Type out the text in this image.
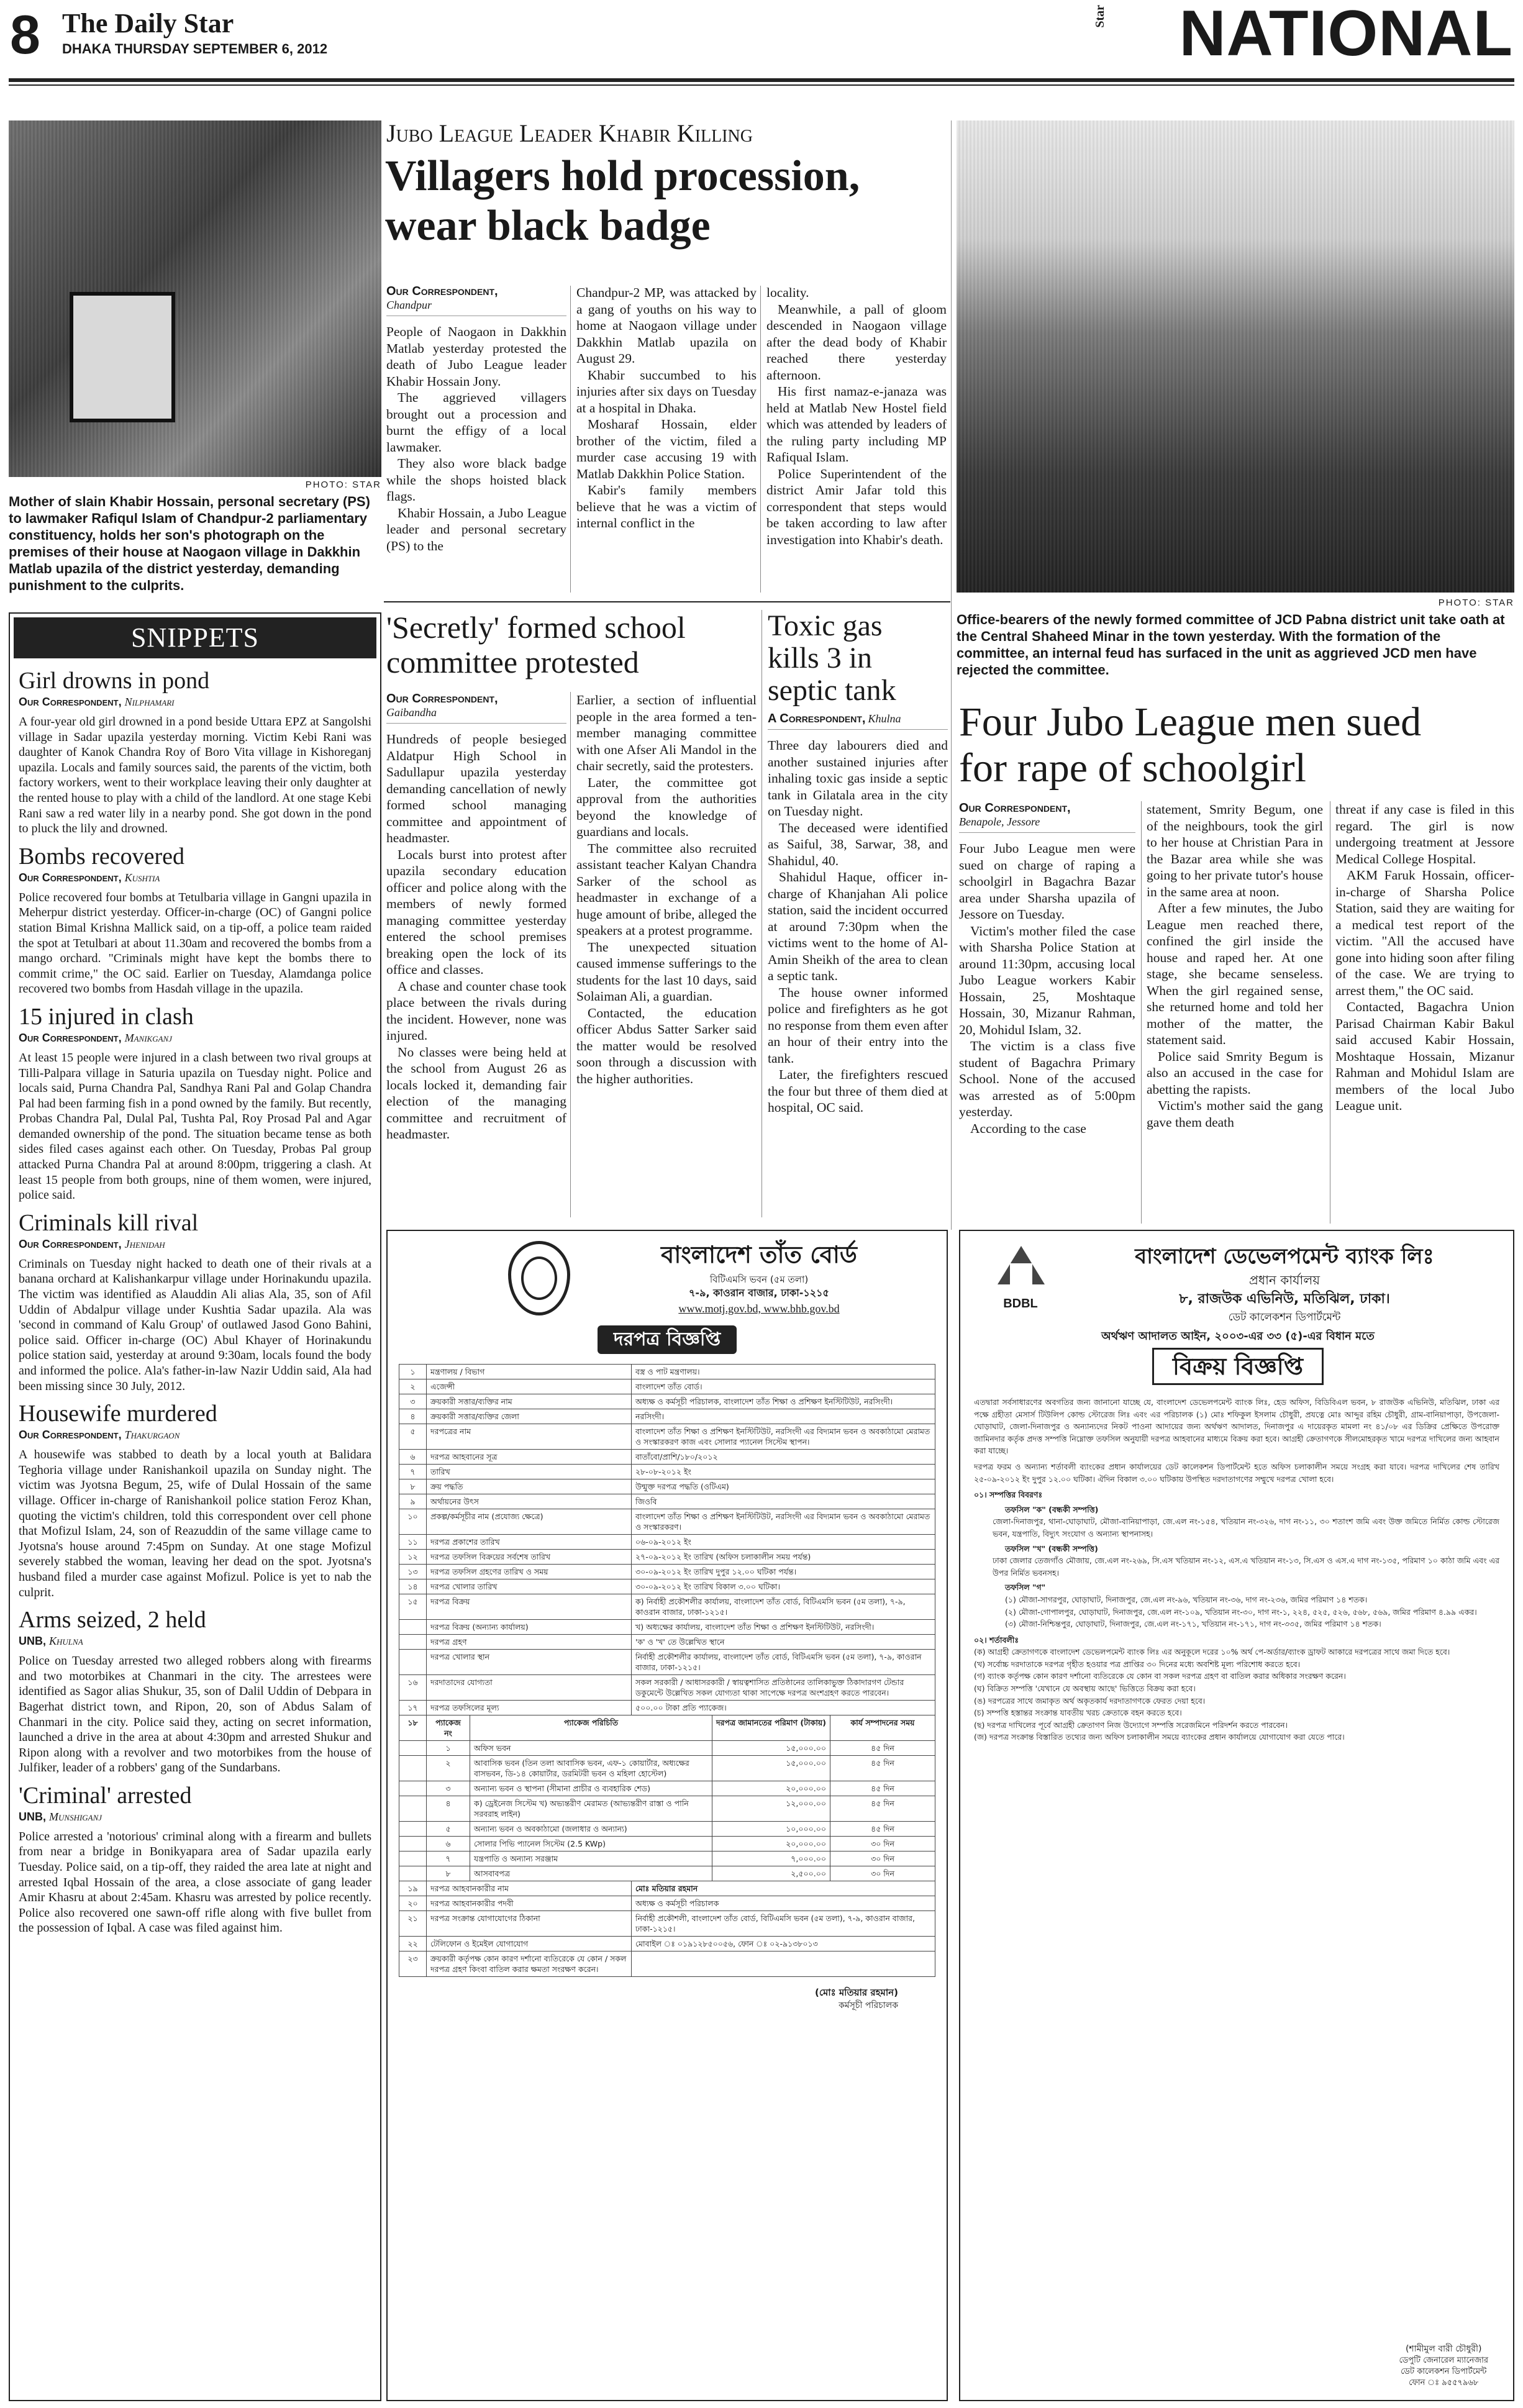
8 The Daily Star
DHAKA THURSDAY SEPTEMBER 6, 2012
Star NATIONAL
PHOTO: STAR
Mother of slain Khabir Hossain, personal secretary (PS) to lawmaker Rafiqul Islam of Chandpur-2 parliamentary constituency, holds her son's photograph on the premises of their house at Naogaon village in Dakkhin Matlab upazila of the district yesterday, demanding punishment to the culprits.
Jubo League Leader Khabir Killing
Villagers hold procession,
wear black badge
Our Correspondent,
Chandpur

People of Naogaon in Dakkhin Matlab yesterday protested the death of Jubo League leader Khabir Hossain Jony.

The aggrieved villagers brought out a procession and burnt the effigy of a local lawmaker.

They also wore black badge while the shops hoisted black flags.

Khabir Hossain, a Jubo League leader and personal secretary (PS) to the

Chandpur-2 MP, was attacked by a gang of youths on his way to home at Naogaon village under Dakkhin Matlab upazila on August 29.

Khabir succumbed to his injuries after six days on Tuesday at a hospital in Dhaka.

Mosharaf Hossain, elder brother of the victim, filed a murder case accusing 19 with Matlab Dakkhin Police Station.

Kabir's family members believe that he was a victim of internal conflict in the

locality.

Meanwhile, a pall of gloom descended in Naogaon village after the dead body of Khabir reached there yesterday afternoon.

His first namaz-e-janaza was held at Matlab New Hostel field which was attended by leaders of the ruling party including MP Rafiqual Islam.

Police Superintendent of the district Amir Jafar told this correspondent that steps would be taken according to law after investigation into Khabir's death.

PHOTO: STAR
Office-bearers of the newly formed committee of JCD Pabna district unit take oath at the Central Shaheed Minar in the town yesterday. With the formation of the committee, an internal feud has surfaced in the unit as aggrieved JCD men have rejected the committee.
SNIPPETS
Girl drowns in pond
Our Correspondent, Nilphamari
A four-year old girl drowned in a pond beside Uttara EPZ at Sangolshi village in Sadar upazila yesterday morning. Victim Kebi Rani was daughter of Kanok Chandra Roy of Boro Vita village in Kishoreganj upazila. Locals and family sources said, the parents of the victim, both factory workers, went to their workplace leaving their only daughter at the rented house to play with a child of the landlord. At one stage Kebi Rani saw a red water lily in a nearby pond. She got down in the pond to pluck the lily and drowned.
Bombs recovered
Our Correspondent, Kushtia
Police recovered four bombs at Tetulbaria village in Gangni upazila in Meherpur district yesterday. Officer-in-charge (OC) of Gangni police station Bimal Krishna Mallick said, on a tip-off, a police team raided the spot at Tetulbari at about 11.30am and recovered the bombs from a mango orchard. "Criminals might have kept the bombs there to commit crime," the OC said. Earlier on Tuesday, Alamdanga police recovered two bombs from Hasdah village in the upazila.
15 injured in clash
Our Correspondent, Manikganj
At least 15 people were injured in a clash between two rival groups at Tilli-Palpara village in Saturia upazila on Tuesday night. Police and locals said, Purna Chandra Pal, Sandhya Rani Pal and Golap Chandra Pal had been farming fish in a pond owned by the family. But recently, Probas Chandra Pal, Dulal Pal, Tushta Pal, Roy Prosad Pal and Agar demanded ownership of the pond. The situation became tense as both sides filed cases against each other. On Tuesday, Probas Pal group attacked Purna Chandra Pal at around 8:00pm, triggering a clash. At least 15 people from both groups, nine of them women, were injured, police said.
Criminals kill rival
Our Correspondent, Jhenidah
Criminals on Tuesday night hacked to death one of their rivals at a banana orchard at Kalishankarpur village under Horinakundu upazila. The victim was identified as Alauddin Ali alias Ala, 35, son of Afil Uddin of Abdalpur village under Kushtia Sadar upazila. Ala was 'second in command of Kalu Group' of outlawed Jasod Gono Bahini, police said. Officer in-charge (OC) Abul Khayer of Horinakundu police station said, yesterday at around 9:30am, locals found the body and informed the police. Ala's father-in-law Nazir Uddin said, Ala had been missing since 30 July, 2012.
Housewife murdered
Our Correspondent, Thakurgaon
A housewife was stabbed to death by a local youth at Balidara Teghoria village under Ranishankoil upazila on Sunday night. The victim was Jyotsna Begum, 25, wife of Dulal Hossain of the same village. Officer in-charge of Ranishankoil police station Feroz Khan, quoting the victim's children, told this correspondent over cell phone that Mofizul Islam, 24, son of Reazuddin of the same village came to Jyotsna's house around 7:45pm on Sunday. At one stage Mofizul severely stabbed the woman, leaving her dead on the spot. Jyotsna's husband filed a murder case against Mofizul. Police is yet to nab the culprit.
Arms seized, 2 held
UNB, Khulna
Police on Tuesday arrested two alleged robbers along with firearms and two motorbikes at Chanmari in the city. The arrestees were identified as Sagor alias Shukur, 35, son of Dalil Uddin of Debpara in Bagerhat district town, and Ripon, 20, son of Abdus Salam of Chanmari in the city. Police said they, acting on secret information, launched a drive in the area at about 4:30pm and arrested Shukur and Ripon along with a revolver and two motorbikes from the house of Julfiker, leader of a robbers' gang of the Sundarbans.
'Criminal' arrested
UNB, Munshiganj
Police arrested a 'notorious' criminal along with a firearm and bullets from near a bridge in Bonikyapara area of Sadar upazila early Tuesday. Police said, on a tip-off, they raided the area late at night and arrested Iqbal Hossain of the area, a close associate of gang leader Amir Khasru at about 2:45am. Khasru was arrested by police recently. Police also recovered one sawn-off rifle along with five bullet from the possession of Iqbal. A case was filed against him.
'Secretly' formed school
committee protested
Our Correspondent,
Gaibandha

Hundreds of people besieged Aldatpur High School in Sadullapur upazila yesterday demanding cancellation of newly formed school managing committee and appointment of headmaster.

Locals burst into protest after upazila secondary education officer and police along with the members of newly formed managing committee yesterday entered the school premises breaking open the lock of its office and classes.

A chase and counter chase took place between the rivals during the incident. However, none was injured.

No classes were being held at the school from August 26 as locals locked it, demanding fair election of the managing committee and recruitment of headmaster.

Earlier, a section of influential people in the area formed a ten-member managing committee with one Afser Ali Mandol in the chair secretly, said the protesters.

Later, the committee got approval from the authorities beyond the knowledge of guardians and locals.

The committee also recruited assistant teacher Kalyan Chandra Sarker of the school as headmaster in exchange of a huge amount of bribe, alleged the speakers at a protest programme.

The unexpected situation caused immense sufferings to the students for the last 10 days, said Solaiman Ali, a guardian.

Contacted, the education officer Abdus Satter Sarker said the matter would be resolved soon through a discussion with the higher authorities.

Toxic gas
kills 3 in
septic tank
A Correspondent, Khulna

Three day labourers died and another sustained injuries after inhaling toxic gas inside a septic tank in Gilatala area in the city on Tuesday night.

The deceased were identified as Saiful, 38, Sarwar, 38, and Shahidul, 40.

Shahidul Haque, officer in-charge of Khanjahan Ali police station, said the incident occurred at around 7:30pm when the victims went to the home of Al-Amin Sheikh of the area to clean a septic tank.

The house owner informed police and firefighters as he got no response from them even after an hour of their entry into the tank.

Later, the firefighters rescued the four but three of them died at hospital, OC said.

Four Jubo League men sued
for rape of schoolgirl
Our Correspondent,
Benapole, Jessore

Four Jubo League men were sued on charge of raping a schoolgirl in Bagachra Bazar area under Sharsha upazila of Jessore on Tuesday.

Victim's mother filed the case with Sharsha Police Station at around 11:30pm, accusing local Jubo League workers Kabir Hossain, 25, Moshtaque Hossain, 30, Mizanur Rahman, 20, Mohidul Islam, 32.

The victim is a class five student of Bagachra Primary School. None of the accused was arrested as of 5:00pm yesterday.

According to the case

statement, Smrity Begum, one of the neighbours, took the girl to her house at Christian Para in the Bazar area while she was going to her private tutor's house in the same area at noon.

After a few minutes, the Jubo League men reached there, confined the girl inside the house and raped her. At one stage, she became senseless. When the girl regained sense, she returned home and told her mother of the matter, the statement said.

Police said Smrity Begum is also an accused in the case for abetting the rapists.

Victim's mother said the gang gave them death

threat if any case is filed in this regard. The girl is now undergoing treatment at Jessore Medical College Hospital.

AKM Faruk Hossain, officer-in-charge of Sharsha Police Station, said they are waiting for a medical test report of the victim. "All the accused have gone into hiding soon after filing of the case. We are trying to arrest them," the OC said.

Contacted, Bagachra Union Parisad Chairman Kabir Bakul said accused Kabir Hossain, Moshtaque Hossain, Mizanur Rahman and Mohidul Islam are members of the local Jubo League unit.

বাংলাদেশ তাঁত বোর্ড
বিটিএমসি ভবন (৫ম তলা)
৭-৯, কাওরান বাজার, ঢাকা-১২১৫
www.motj.gov.bd, www.bhb.gov.bd
দরপত্র বিজ্ঞপ্তি
১	মন্ত্রণালয় / বিভাগ	বস্ত্র ও পাট মন্ত্রণালয়।
২	এজেন্সী	বাংলাদেশ তাঁত বোর্ড।
৩	ক্রয়কারী সত্তার/ব্যক্তির নাম	অধ্যক্ষ ও কর্মসূচী পরিচালক, বাংলাদেশ তাঁত শিক্ষা ও প্রশিক্ষণ ইনস্টিটিউট, নরসিংদী।
৪	ক্রয়কারী সত্তার/ব্যক্তির জেলা	নরসিংদী।
৫	দরপত্রের নাম	বাংলাদেশ তাঁত শিক্ষা ও প্রশিক্ষণ ইনস্টিটিউট, নরসিংদী এর বিদ্যমান ভবন ও অবকাঠামো মেরামত ও সংস্কারকরণ কাজ এবং সোলার প্যানেল সিস্টেম স্থাপন।
৬	দরপত্র আহবানের সূত্র	বাতাঁবো/প্রাশি/১৮০/২০১২
৭	তারিখ	২৮-০৮-২০১২ ইং
৮	ক্রয় পদ্ধতি	উন্মুক্ত দরপত্র পদ্ধতি (ওটিএম)
৯	অর্থায়নের উৎস	জিওবি
১০	প্রকল্প/কর্মসূচীর নাম (প্রযোজ্য ক্ষেত্রে)	বাংলাদেশ তাঁত শিক্ষা ও প্রশিক্ষণ ইনস্টিটিউট, নরসিংদী এর বিদ্যমান ভবন ও অবকাঠামো মেরামত ও সংস্কারকরণ।
১১	দরপত্র প্রকাশের তারিখ	০৬-০৯-২০১২ ইং
১২	দরপত্র তফসিল বিক্রয়ের সর্বশেষ তারিখ	২৭-০৯-২০১২ ইং তারিখ (অফিস চলাকালীন সময় পর্যন্ত)
১৩	দরপত্র তফসিল গ্রহণের তারিখ ও সময়	৩০-০৯-২০১২ ইং তারিখ দুপুর ১২.০০ ঘটিকা পর্যন্ত।
১৪	দরপত্র খোলার তারিখ	৩০-০৯-২০১২ ইং তারিখ বিকাল ৩.০০ ঘটিকা।
১৫	দরপত্র বিক্রয়	ক) নির্বাহী প্রকৌশলীর কার্যালয়, বাংলাদেশ তাঁত বোর্ড, বিটিএমসি ভবন (৫ম তলা), ৭-৯, কাওরান বাজার, ঢাকা-১২১৫।
	দরপত্র বিক্রয় (অন্যান্য কার্যালয়)	খ) অধ্যক্ষের কার্যালয়, বাংলাদেশ তাঁত শিক্ষা ও প্রশিক্ষণ ইনস্টিটিউট, নরসিংদী।
	দরপত্র গ্রহণ	'ক' ও 'খ' তে উল্লেখিত স্থানে
	দরপত্র খোলার স্থান	নির্বাহী প্রকৌশলীর কার্যালয়, বাংলাদেশ তাঁত বোর্ড, বিটিএমসি ভবন (৫ম তলা), ৭-৯, কাওরান বাজার, ঢাকা-১২১৫।
১৬	দরদাতাদের যোগ্যতা	সকল সরকারী / আধাসরকারী / স্বায়ত্বশাসিত প্রতিষ্ঠানের তালিকাভুক্ত ঠিকাদারগণ টেন্ডার ডকুমেন্টে উল্লেখিত সকল যোগ্যতা থাকা সাপেক্ষে দরপত্র অংশগ্রহণ করতে পারবেন।
১৭	দরপত্র তফসিলের মূল্য	৫০০.০০ টাকা প্রতি প্যাকেজ।
১৮	প্যাকেজ নং	প্যাকেজ পরিচিতি	দরপত্র জামানতের পরিমাণ (টাকায়)	কার্য সম্পাদনের সময়
	১	অফিস ভবন	১৫,০০০.০০	৪৫ দিন
	২	আবাসিক ভবন (তিন তলা আবাসিক ভবন, এফ-১ কোয়ার্টার, অধ্যক্ষের বাসভবন, ডি-১৪ কোয়ার্টার, ডরমিটরী ভবন ও মহিলা হোস্টেল)	১৫,০০০.০০	৪৫ দিন
	৩	অন্যান্য ভবন ও স্থাপনা (সীমানা প্রাচীর ও ব্যবহারিক শেড)	২০,০০০.০০	৪৫ দিন
	৪	ক) ড্রেইনেজ সিস্টেম খ) অভ্যন্তরীণ মেরামত (আভ্যন্তরীণ রাস্তা ও পানি সরবরাহ লাইন)	১২,০০০.০০	৪৫ দিন
	৫	অন্যান্য ভবন ও অবকাঠামো (জলাধার ও অন্যান্য)	১০,০০০.০০	৪৫ দিন
	৬	সোলার পিভি প্যানেল সিস্টেম (2.5 KWp)	২০,০০০.০০	৩০ দিন
	৭	যন্ত্রপাতি ও অন্যান্য সরঞ্জাম	৭,০০০.০০	৩০ দিন
	৮	আসবাবপত্র	২,৫০০.০০	৩০ দিন
১৯	দরপত্র আহবানকারীর নাম	মোঃ মতিয়ার রহমান
২০	দরপত্র আহবানকারীর পদবী	অধ্যক্ষ ও কর্মসূচী পরিচালক
২১	দরপত্র সংক্রান্ত যোগাযোগের ঠিকানা	নির্বাহী প্রকৌশলী, বাংলাদেশ তাঁত বোর্ড, বিটিএমসি ভবন (৫ম তলা), ৭-৯, কাওরান বাজার, ঢাকা-১২১৫।
২২	টেলিফোন ও ইমেইল যোগাযোগ	মোবাইল ঃ ০১৯১২৮৫০০৫৬, ফোন ঃ ০২-৯১৩৮০১৩
২৩	ক্রয়কারী কর্তৃপক্ষ কোন কারণ দর্শানো ব্যতিরেকে যে কোন / সকল দরপত্র গ্রহণ কিংবা বাতিল করার ক্ষমতা সংরক্ষণ করেন।	
(মোঃ মতিয়ার রহমান)
কর্মসূচী পরিচালক
BDBL
বাংলাদেশ ডেভেলপমেন্ট ব্যাংক লিঃ
প্রধান কার্যালয়
৮, রাজউক এভিনিউ, মতিঝিল, ঢাকা।
ডেট কালেকশন ডিপার্টমেন্ট
অর্থঋণ আদালত আইন, ২০০৩-এর ৩৩ (৫)-এর বিধান মতে
বিক্রয় বিজ্ঞপ্তি
এতদ্বারা সর্বসাধারণের অবগতির জন্য জানানো যাচ্ছে যে, বাংলাদেশ ডেভেলপমেন্ট ব্যাংক লিঃ, হেড অফিস, বিডিবিএল ভবন, ৮ রাজউক এভিনিউ, মতিঝিল, ঢাকা এর পক্ষে গ্রহীতা মেসার্স টিউলিপ কোল্ড স্টোরেজ লিঃ এবং এর পরিচালক (১) মোঃ শফিকুল ইসলাম চৌধুরী, প্রযত্নে মোঃ আব্দুর রহিম চৌধুরী, গ্রাম-বানিয়াপাড়া, উপজেলা-ঘোড়াঘাট, জেলা-দিনাজপুর ও অন্যান্যদের নিকট পাওনা আদায়ের জন্য অর্থঋণ আদালত, দিনাজপুর এ দায়েরকৃত মামলা নং ৪১/০৮ এর ডিক্রির প্রেক্ষিতে উপরোক্ত জামিনদার কর্তৃক প্রদত্ত সম্পত্তি নিম্নোক্ত তফসিল অনুযায়ী দরপত্র আহবানের মাধ্যমে বিক্রয় করা হবে। আগ্রহী ক্রেতাগণকে সীলমোহরকৃত খামে দরপত্র দাখিলের জন্য আহবান করা যাচ্ছে।
দরপত্র ফরম ও অন্যান্য শর্তাবলী ব্যাংকের প্রধান কার্যালয়ের ডেট কালেকশন ডিপার্টমেন্ট হতে অফিস চলাকালীন সময়ে সংগ্রহ করা যাবে। দরপত্র দাখিলের শেষ তারিখ ২৫-০৯-২০১২ ইং দুপুর ১২.০০ ঘটিকা। ঐদিন বিকাল ৩.০০ ঘটিকায় উপস্থিত দরদাতাগণের সম্মুখে দরপত্র খোলা হবে।
০১। সম্পত্তির বিবরণঃ
তফসিল "ক" (বন্ধকী সম্পত্তি)
জেলা-দিনাজপুর, থানা-ঘোড়াঘাট, মৌজা-বানিয়াপাড়া, জে.এল নং-১৫৪, খতিয়ান নং-৩২৬, দাগ নং-১১, ৩০ শতাংশ জমি এবং উক্ত জমিতে নির্মিত কোল্ড স্টোরেজ ভবন, যন্ত্রপাতি, বিদ্যুৎ সংযোগ ও অন্যান্য স্থাপনাসহ।
তফসিল "খ" (বন্ধকী সম্পত্তি)
ঢাকা জেলার তেজগাঁও মৌজায়, জে.এল নং-২৬৯, সি.এস খতিয়ান নং-১২, এস.এ খতিয়ান নং-১৩, সি.এস ও এস.এ দাগ নং-১৩৫, পরিমাণ ১০ কাঠা জমি এবং এর উপর নির্মিত ভবনসহ।
তফসিল "গ"
(১) মৌজা-সাগরপুর, ঘোড়াঘাট, দিনাজপুর, জে.এল নং-৯৬, খতিয়ান নং-৩৬, দাগ নং-২৩৬, জমির পরিমাণ ১৪ শতক।
(২) মৌজা-গোপালপুর, ঘোড়াঘাট, দিনাজপুর, জে.এল নং-১০৯, খতিয়ান নং-৩০, দাগ নং-১, ২২৪, ৫২৫, ৫২৬, ৫৬৮, ৫৬৯, জমির পরিমাণ ৪.৯৯ একর।
(৩) মৌজা-নিশ্চিন্তপুর, ঘোড়াঘাট, দিনাজপুর, জে.এল নং-১৭১, খতিয়ান নং-১৭১, দাগ নং-৩৩৫, জমির পরিমাণ ১৪ শতক।
০২। শর্তাবলীঃ
(ক) আগ্রহী ক্রেতাগণকে বাংলাদেশ ডেভেলপমেন্ট ব্যাংক লিঃ এর অনুকূলে দরের ১০% অর্থ পে-অর্ডার/ব্যাংক ড্রাফট আকারে দরপত্রের সাথে জমা দিতে হবে।
(খ) সর্বোচ্চ দরদাতাকে দরপত্র গৃহীত হওয়ার পত্র প্রাপ্তির ৩০ দিনের মধ্যে অবশিষ্ট মূল্য পরিশোধ করতে হবে।
(গ) ব্যাংক কর্তৃপক্ষ কোন কারণ দর্শানো ব্যতিরেকে যে কোন বা সকল দরপত্র গ্রহণ বা বাতিল করার অধিকার সংরক্ষণ করেন।
(ঘ) বিক্রিত সম্পত্তি 'যেখানে যে অবস্থায় আছে' ভিত্তিতে বিক্রয় করা হবে।
(ঙ) দরপত্রের সাথে জমাকৃত অর্থ অকৃতকার্য দরদাতাগণকে ফেরত দেয়া হবে।
(চ) সম্পত্তি হস্তান্তর সংক্রান্ত যাবতীয় খরচ ক্রেতাকে বহন করতে হবে।
(ছ) দরপত্র দাখিলের পূর্বে আগ্রহী ক্রেতাগণ নিজ উদ্যোগে সম্পত্তি সরেজমিনে পরিদর্শন করতে পারবেন।
(জ) দরপত্র সংক্রান্ত বিস্তারিত তথ্যের জন্য অফিস চলাকালীন সময়ে ব্যাংকের প্রধান কার্যালয়ে যোগাযোগ করা যেতে পারে।
(শামীমুল বারী চৌধুরী)
ডেপুটি জেনারেল ম্যানেজার
ডেট কালেকশন ডিপার্টমেন্ট
ফোন ঃ ৯৫৫৭৯৬৮
